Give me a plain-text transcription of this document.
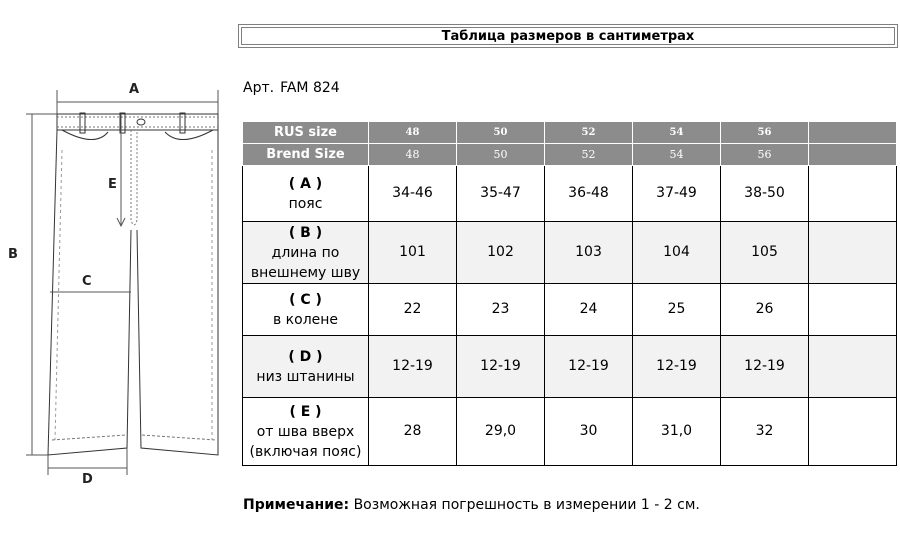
Таблица размеров в сантиметрах
Арт. FAM 824
A
B
C
D
E
RUS size	48	50	52	54	56	
Brend Size	48	50	52	54	56	

( A )
пояс	34-46	35-47	36-48	37-49	38-50	

( B )
длина по внешнему шву	101	102	103	104	105	

( C )
в колене	22	23	24	25	26	

( D )
низ штанины	12-19	12-19	12-19	12-19	12-19	

( E )
от шва вверх (включая пояс)	28	29,0	30	31,0	32	
Примечание: Возможная погрешность в измерении 1 - 2 см.
